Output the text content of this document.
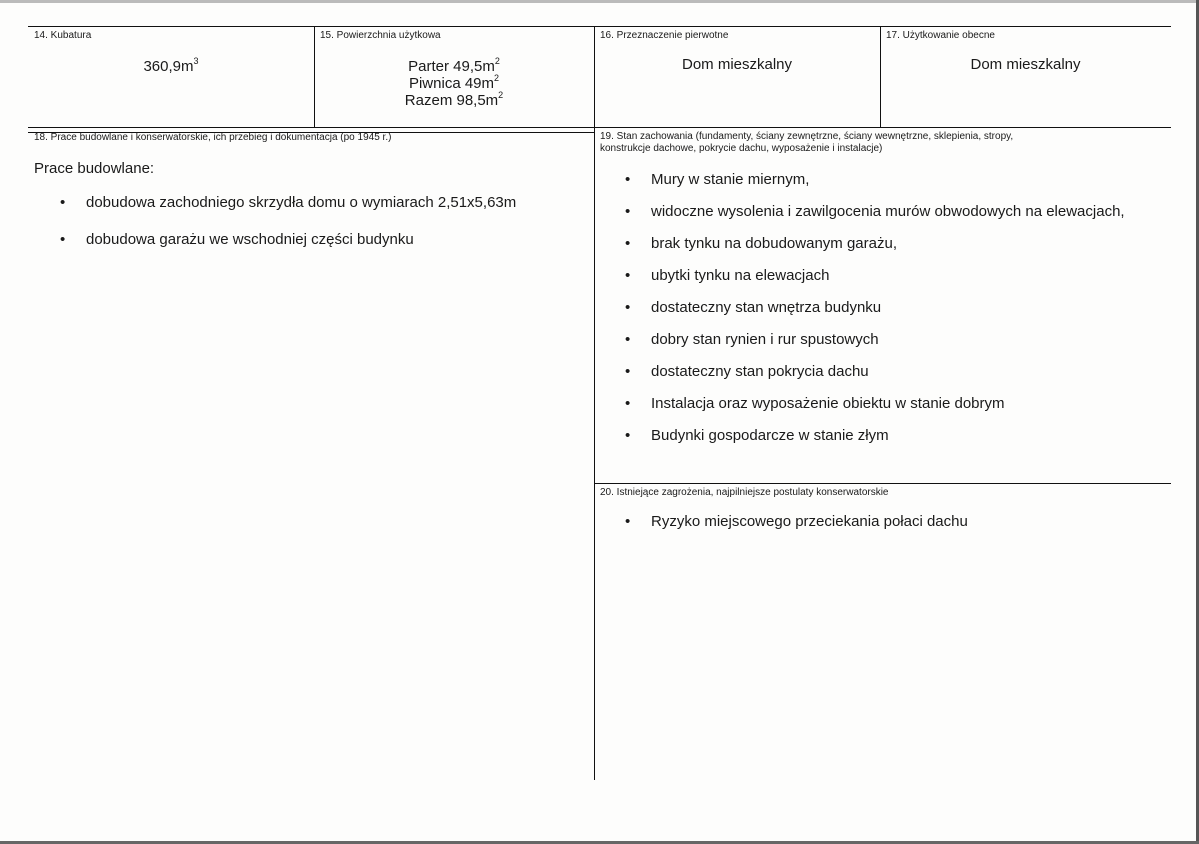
14. Kubatura
$360,9m^3$
15. Powierzchnia użytkowa
Parter $49,5m^2$
Piwnica $49m^2$
Razem $98,5m^2$
16. Przeznaczenie pierwotne
Dom mieszkalny
17. Użytkowanie obecne
Dom mieszkalny
18. Prace budowlane i konserwatorskie, ich przebieg i dokumentacja (po 1945 r.)
Prace budowlane:
• dobudowa zachodniego skrzydła domu o wymiarach 2,51x5,63m
• dobudowa garażu we wschodniej części budynku
19. Stan zachowania (fundamenty, ściany zewnętrzne, ściany wewnętrzne, sklepienia, stropy,
konstrukcje dachowe, pokrycie dachu, wyposażenie i instalacje)
• Mury w stanie miernym,
• widoczne wysolenia i zawilgocenia murów obwodowych na elewacjach,
• brak tynku na dobudowanym garażu,
• ubytki tynku na elewacjach
• dostateczny stan wnętrza budynku
• dobry stan rynien i rur spustowych
• dostateczny stan pokrycia dachu
• Instalacja oraz wyposażenie obiektu w stanie dobrym
• Budynki gospodarcze w stanie złym
20. Istniejące zagrożenia, najpilniejsze postulaty konserwatorskie
• Ryzyko miejscowego przeciekania połaci dachu
